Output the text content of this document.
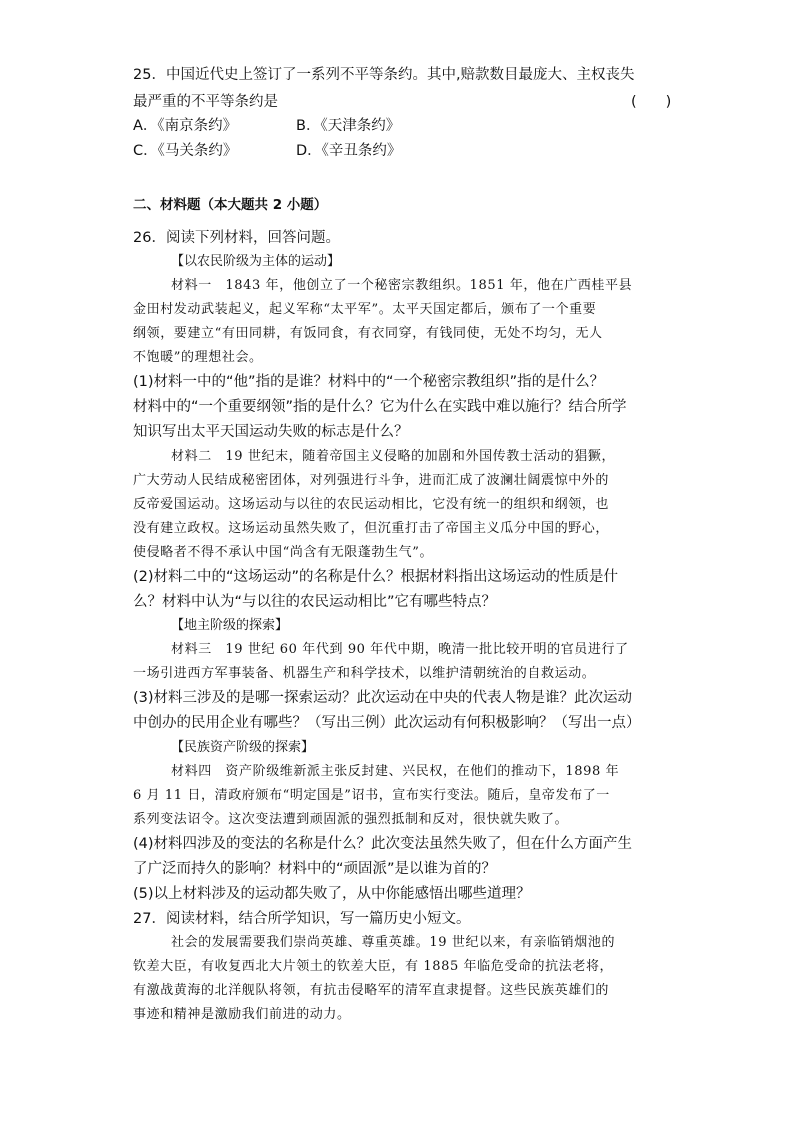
25．中国近代史上签订了一系列不平等条约。其中,赔款数目最庞大、主权丧失
最严重的不平等条约是	(　　)
A．《南京条约》	B．《天津条约》
C．《马关条约》	D．《辛丑条约》
二、材料题（本大题共 2 小题）
26．阅读下列材料，回答问题。
【以农民阶级为主体的运动】
材料一　1843 年，他创立了一个秘密宗教组织。1851 年，他在广西桂平县
金田村发动武装起义，起义军称“太平军”。太平天国定都后，颁布了一个重要
纲领，要建立“有田同耕，有饭同食，有衣同穿，有钱同使，无处不均匀，无人
不饱暖”的理想社会。
(1)材料一中的“他”指的是谁？材料中的“一个秘密宗教组织”指的是什么？
材料中的“一个重要纲领”指的是什么？它为什么在实践中难以施行？结合所学
知识写出太平天国运动失败的标志是什么？
材料二　19 世纪末，随着帝国主义侵略的加剧和外国传教士活动的猖獗，
广大劳动人民结成秘密团体，对列强进行斗争，进而汇成了波澜壮阔震惊中外的
反帝爱国运动。这场运动与以往的农民运动相比，它没有统一的组织和纲领，也
没有建立政权。这场运动虽然失败了，但沉重打击了帝国主义瓜分中国的野心，
使侵略者不得不承认中国“尚含有无限蓬勃生气”。
(2)材料二中的“这场运动”的名称是什么？根据材料指出这场运动的性质是什
么？材料中认为“与以往的农民运动相比”它有哪些特点？
【地主阶级的探索】
材料三　19 世纪 60 年代到 90 年代中期，晚清一批比较开明的官员进行了
一场引进西方军事装备、机器生产和科学技术，以维护清朝统治的自救运动。
(3)材料三涉及的是哪一探索运动？此次运动在中央的代表人物是谁？此次运动
中创办的民用企业有哪些？（写出三例）此次运动有何积极影响？（写出一点）
【民族资产阶级的探索】
材料四　资产阶级维新派主张反封建、兴民权，在他们的推动下，1898 年
6 月 11 日，清政府颁布“明定国是”诏书，宣布实行变法。随后，皇帝发布了一
系列变法诏令。这次变法遭到顽固派的强烈抵制和反对，很快就失败了。
(4)材料四涉及的变法的名称是什么？此次变法虽然失败了，但在什么方面产生
了广泛而持久的影响？材料中的“顽固派”是以谁为首的？
(5)以上材料涉及的运动都失败了，从中你能感悟出哪些道理？
27．阅读材料，结合所学知识，写一篇历史小短文。
社会的发展需要我们崇尚英雄、尊重英雄。19 世纪以来，有亲临销烟池的
钦差大臣，有收复西北大片领土的钦差大臣，有 1885 年临危受命的抗法老将，
有激战黄海的北洋舰队将领，有抗击侵略军的清军直隶提督。这些民族英雄们的
事迹和精神是激励我们前进的动力。
